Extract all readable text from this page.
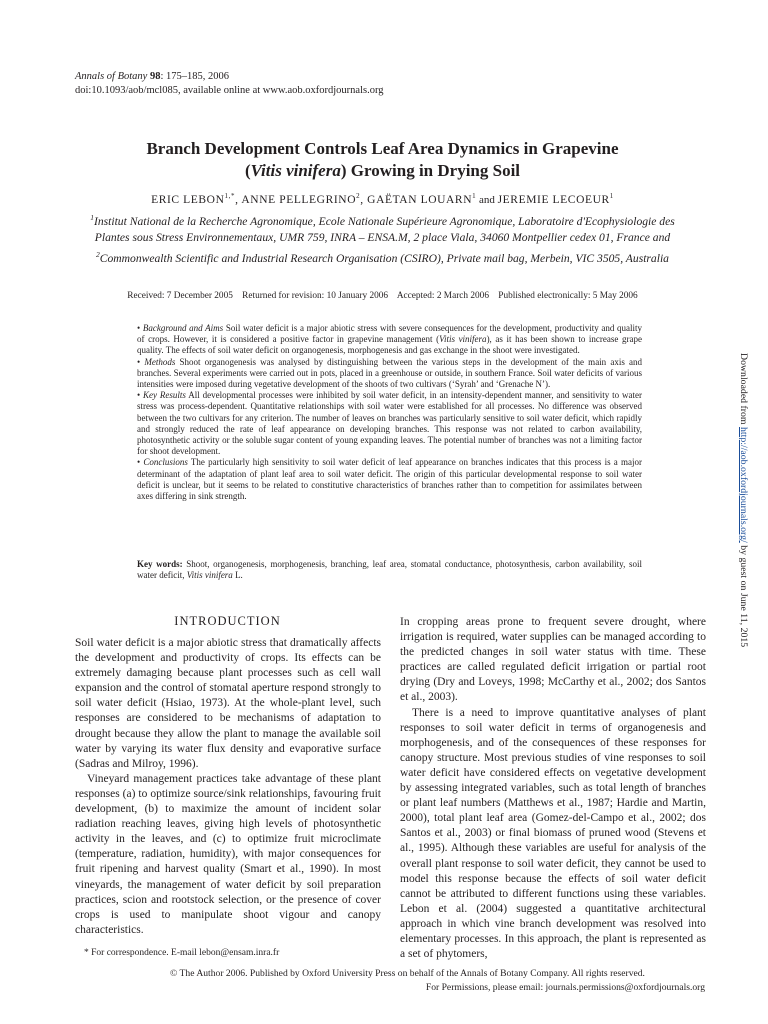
Annals of Botany 98: 175–185, 2006
doi:10.1093/aob/mcl085, available online at www.aob.oxfordjournals.org
Branch Development Controls Leaf Area Dynamics in Grapevine
(Vitis vinifera) Growing in Drying Soil
ERIC $LEBON^{1,*}$, ANNE PELLEGRINO$^2$, GAËTAN LOUARN$^1$ and JEREMIE LECOEUR$^1$
$^1$Institut National de la Recherche Agronomique, Ecole Nationale Supérieure Agronomique, Laboratoire d'Ecophysiologie des Plantes sous Stress Environnementaux, UMR 759, INRA – ENSA.M, 2 place Viala, 34060 Montpellier cedex 01, France and $^2$Commonwealth Scientific and Industrial Research Organisation (CSIRO), Private mail bag, Merbein, VIC 3505, Australia
Received: 7 December 2005    Returned for revision: 10 January 2006    Accepted: 2 March 2006    Published electronically: 5 May 2006

• Background and Aims Soil water deficit is a major abiotic stress with severe consequences for the development, productivity and quality of crops. However, it is considered a positive factor in grapevine management (Vitis vinifera), as it has been shown to increase grape quality. The effects of soil water deficit on organogenesis, morphogenesis and gas exchange in the shoot were investigated.

• Methods Shoot organogenesis was analysed by distinguishing between the various steps in the development of the main axis and branches. Several experiments were carried out in pots, placed in a greenhouse or outside, in southern France. Soil water deficits of various intensities were imposed during vegetative development of the shoots of two cultivars (‘Syrah’ and ‘Grenache N’).

• Key Results All developmental processes were inhibited by soil water deficit, in an intensity-dependent manner, and sensitivity to water stress was process-dependent. Quantitative relationships with soil water were established for all processes. No difference was observed between the two cultivars for any criterion. The number of leaves on branches was particularly sensitive to soil water deficit, which rapidly and strongly reduced the rate of leaf appearance on developing branches. This response was not related to carbon availability, photosynthetic activity or the soluble sugar content of young expanding leaves. The potential number of branches was not a limiting factor for shoot development.

• Conclusions The particularly high sensitivity to soil water deficit of leaf appearance on branches indicates that this process is a major determinant of the adaptation of plant leaf area to soil water deficit. The origin of this particular developmental response to soil water deficit is unclear, but it seems to be related to constitutive characteristics of branches rather than to competition for assimilates between axes differing in sink strength.

Key words: Shoot, organogenesis, morphogenesis, branching, leaf area, stomatal conductance, photosynthesis, carbon availability, soil water deficit, Vitis vinifera L.
Downloaded from http://aob.oxfordjournals.org/ by guest on June 11, 2015
INTRODUCTION

Soil water deficit is a major abiotic stress that dramatically affects the development and productivity of crops. Its effects can be extremely damaging because plant processes such as cell wall expansion and the control of stomatal aperture respond strongly to soil water deficit (Hsiao, 1973). At the whole-plant level, such responses are considered to be mechanisms of adaptation to drought because they allow the plant to manage the available soil water by varying its water flux density and evaporative surface (Sadras and Milroy, 1996).

Vineyard management practices take advantage of these plant responses (a) to optimize source/sink relationships, favouring fruit development, (b) to maximize the amount of incident solar radiation reaching leaves, giving high levels of photosynthetic activity in the leaves, and (c) to optimize fruit microclimate (temperature, radiation, humidity), with major consequences for fruit ripening and harvest quality (Smart et al., 1990). In most vineyards, the management of water deficit by soil preparation practices, scion and rootstock selection, or the presence of cover crops is used to manipulate shoot vigour and canopy characteristics.

In cropping areas prone to frequent severe drought, where irrigation is required, water supplies can be managed according to the predicted changes in soil water status with time. These practices are called regulated deficit irrigation or partial root drying (Dry and Loveys, 1998; McCarthy et al., 2002; dos Santos et al., 2003).

There is a need to improve quantitative analyses of plant responses to soil water deficit in terms of organogenesis and morphogenesis, and of the consequences of these responses for canopy structure. Most previous studies of vine responses to soil water deficit have considered effects on vegetative development by assessing integrated variables, such as total length of branches or plant leaf numbers (Matthews et al., 1987; Hardie and Martin, 2000), total plant leaf area (Gomez-del-Campo et al., 2002; dos Santos et al., 2003) or final biomass of pruned wood (Stevens et al., 1995). Although these variables are useful for analysis of the overall plant response to soil water deficit, they cannot be used to model this response because the effects of soil water deficit cannot be attributed to different functions using these variables. Lebon et al. (2004) suggested a quantitative architectural approach in which vine branch development was resolved into elementary processes. In this approach, the plant is represented as a set of phytomers,

* For correspondence. E-mail lebon@ensam.inra.fr
© The Author 2006. Published by Oxford University Press on behalf of the Annals of Botany Company. All rights reserved.
For Permissions, please email: journals.permissions@oxfordjournals.org
